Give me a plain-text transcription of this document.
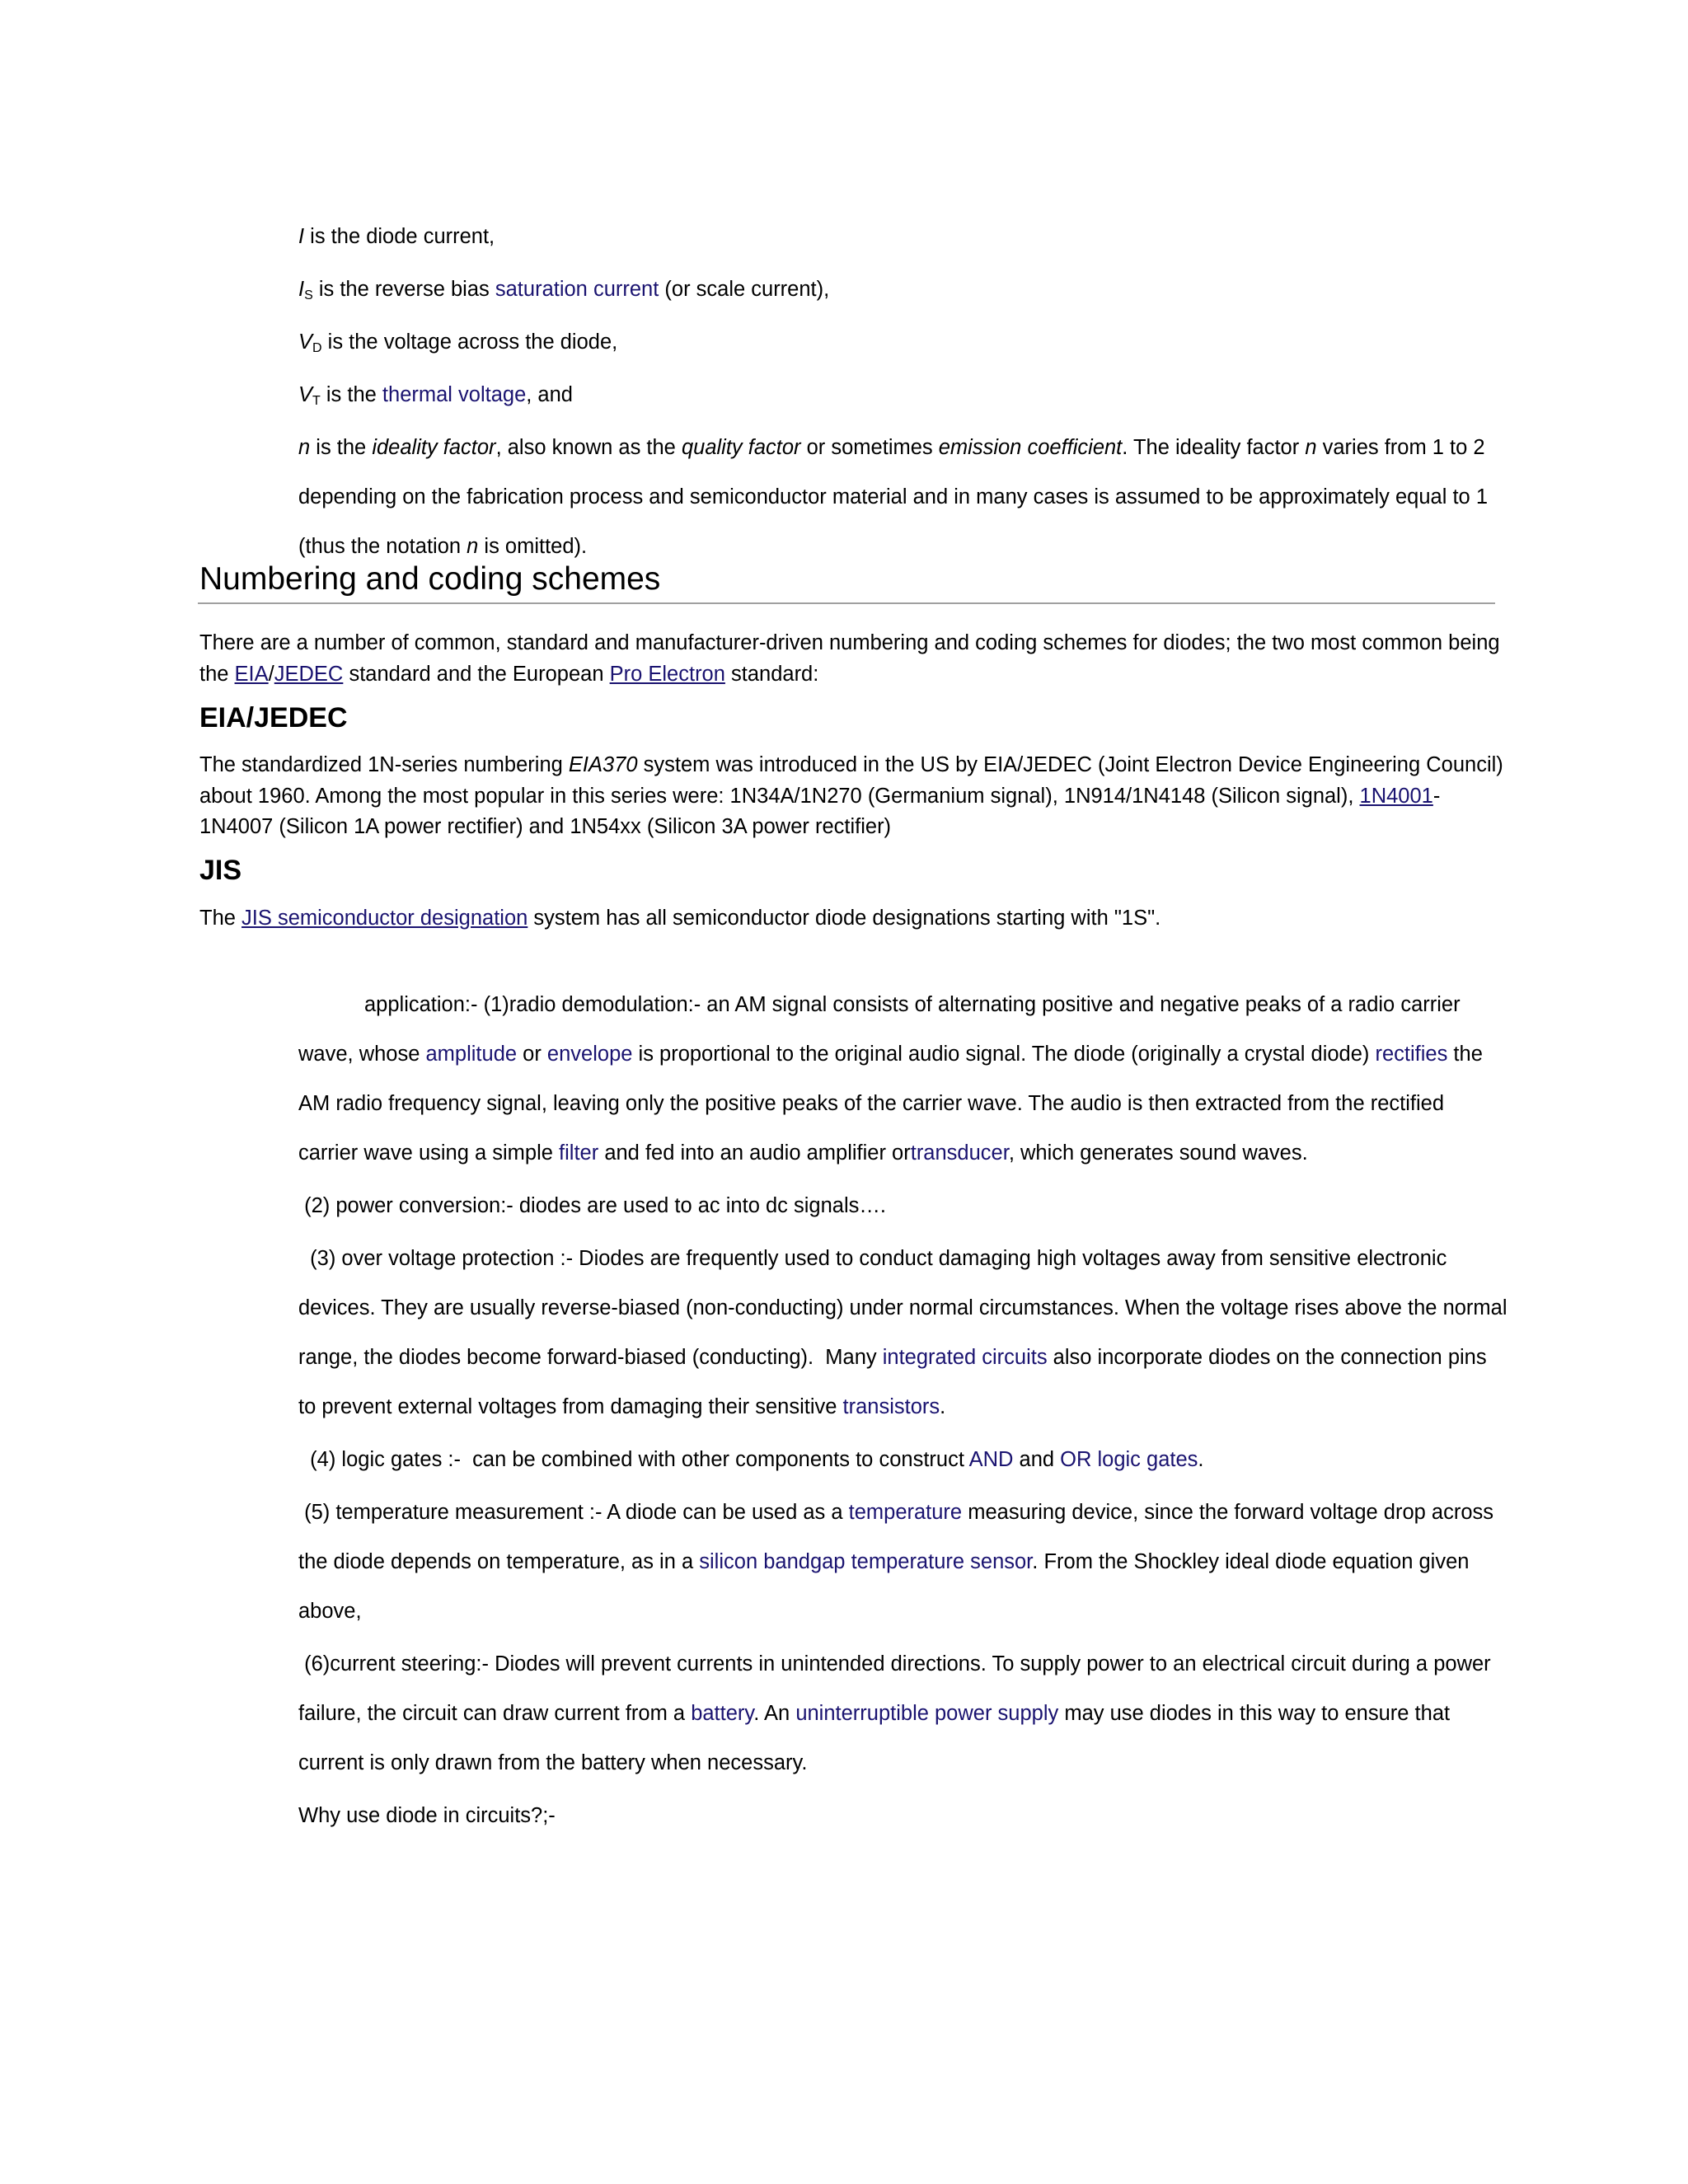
I is the diode current,

$I_S$ is the reverse bias saturation current (or scale current),

$V_D$ is the voltage across the diode,

$V_T$ is the thermal voltage, and

n is the ideality factor, also known as the quality factor or sometimes emission coefficient. The ideality factor n varies from 1 to 2

depending on the fabrication process and semiconductor material and in many cases is assumed to be approximately equal to 1

(thus the notation n is omitted).

Numbering and coding schemes
There are a number of common, standard and manufacturer-driven numbering and coding schemes for diodes; the two most common being
the EIA/JEDEC standard and the European Pro Electron standard:
EIA/JEDEC
The standardized 1N-series numbering EIA370 system was introduced in the US by EIA/JEDEC (Joint Electron Device Engineering Council)
about 1960. Among the most popular in this series were: 1N34A/1N270 (Germanium signal), 1N914/1N4148 (Silicon signal), 1N4001-
1N4007 (Silicon 1A power rectifier) and 1N54xx (Silicon 3A power rectifier)
JIS
The JIS semiconductor designation system has all semiconductor diode designations starting with "1S".

application:- (1)radio demodulation:- an AM signal consists of alternating positive and negative peaks of a radio carrier

wave, whose amplitude or envelope is proportional to the original audio signal. The diode (originally a crystal diode) rectifies the

AM radio frequency signal, leaving only the positive peaks of the carrier wave. The audio is then extracted from the rectified

carrier wave using a simple filter and fed into an audio amplifier ortransducer, which generates sound waves.

(2) power conversion:- diodes are used to ac into dc signals….

(3) over voltage protection :- Diodes are frequently used to conduct damaging high voltages away from sensitive electronic

devices. They are usually reverse-biased (non-conducting) under normal circumstances. When the voltage rises above the normal

range, the diodes become forward-biased (conducting).  Many integrated circuits also incorporate diodes on the connection pins

to prevent external voltages from damaging their sensitive transistors.

(4) logic gates :-  can be combined with other components to construct AND and OR logic gates.

(5) temperature measurement :- A diode can be used as a temperature measuring device, since the forward voltage drop across

the diode depends on temperature, as in a silicon bandgap temperature sensor. From the Shockley ideal diode equation given

above,

(6)current steering:- Diodes will prevent currents in unintended directions. To supply power to an electrical circuit during a power

failure, the circuit can draw current from a battery. An uninterruptible power supply may use diodes in this way to ensure that

current is only drawn from the battery when necessary.

Why use diode in circuits?;-
